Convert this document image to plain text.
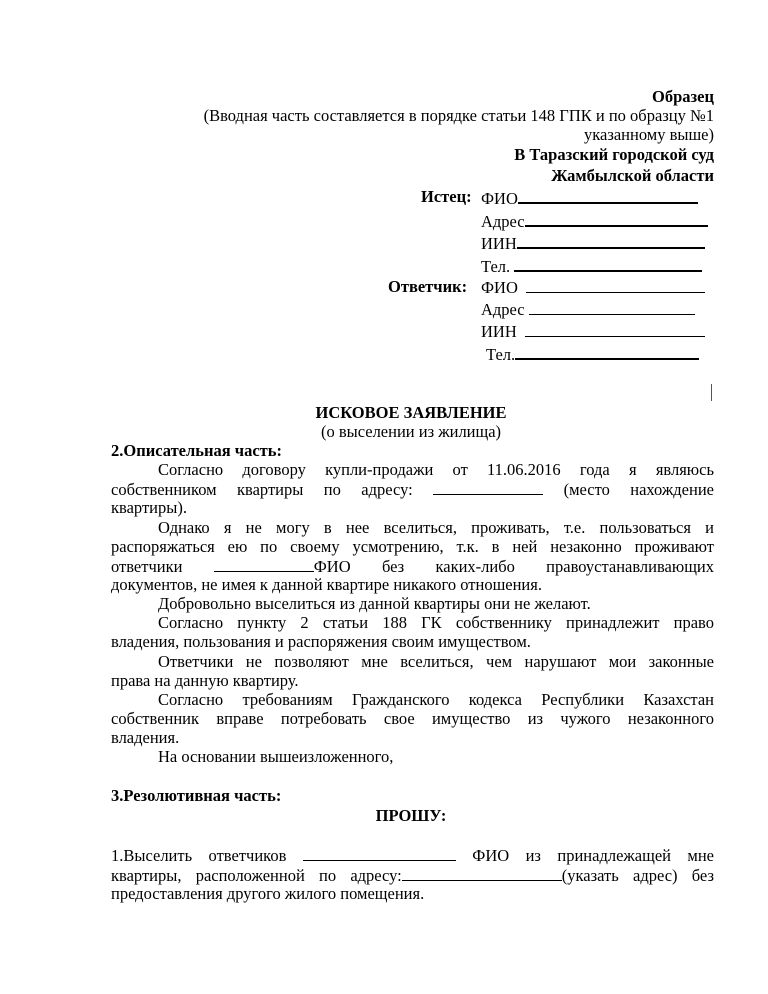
Образец
(Вводная часть составляется в порядке статьи 148 ГПК и по образцу №1
указанному выше)
В Таразский городской суд
Жамбылской области
Истец: ФИО
Адрес
ИИН
Тел.
Ответчик: ФИО
Адрес
ИИН
Тел.
ИСКОВОЕ ЗАЯВЛЕНИЕ
(о выселении из жилища)
2.Описательная часть:
Согласно договору купли-продажи от 11.06.2016 года я являюсь
собственником квартиры по адресу:	(место нахождение
квартиры).
Однако я не могу в нее вселиться, проживать, т.е. пользоваться и
распоряжаться ею по своему усмотрению, т.к. в ней незаконно проживают
ответчики	ФИО без каких-либо правоустанавливающих
документов, не имея к данной квартире никакого отношения.
Добровольно выселиться из данной квартиры они не желают.
Согласно пункту 2 статьи 188 ГК собственнику принадлежит право
владения, пользования и распоряжения своим имуществом.
Ответчики не позволяют мне вселиться, чем нарушают мои законные
права на данную квартиру.
Согласно требованиям Гражданского кодекса Республики Казахстан
собственник вправе потребовать свое имущество из чужого незаконного
владения.
На основании вышеизложенного,
3.Резолютивная часть:
ПРОШУ:
1.Выселить ответчиков	ФИО из принадлежащей мне
квартиры, расположенной по адресу:	(указать адрес) без
предоставления другого жилого помещения.
